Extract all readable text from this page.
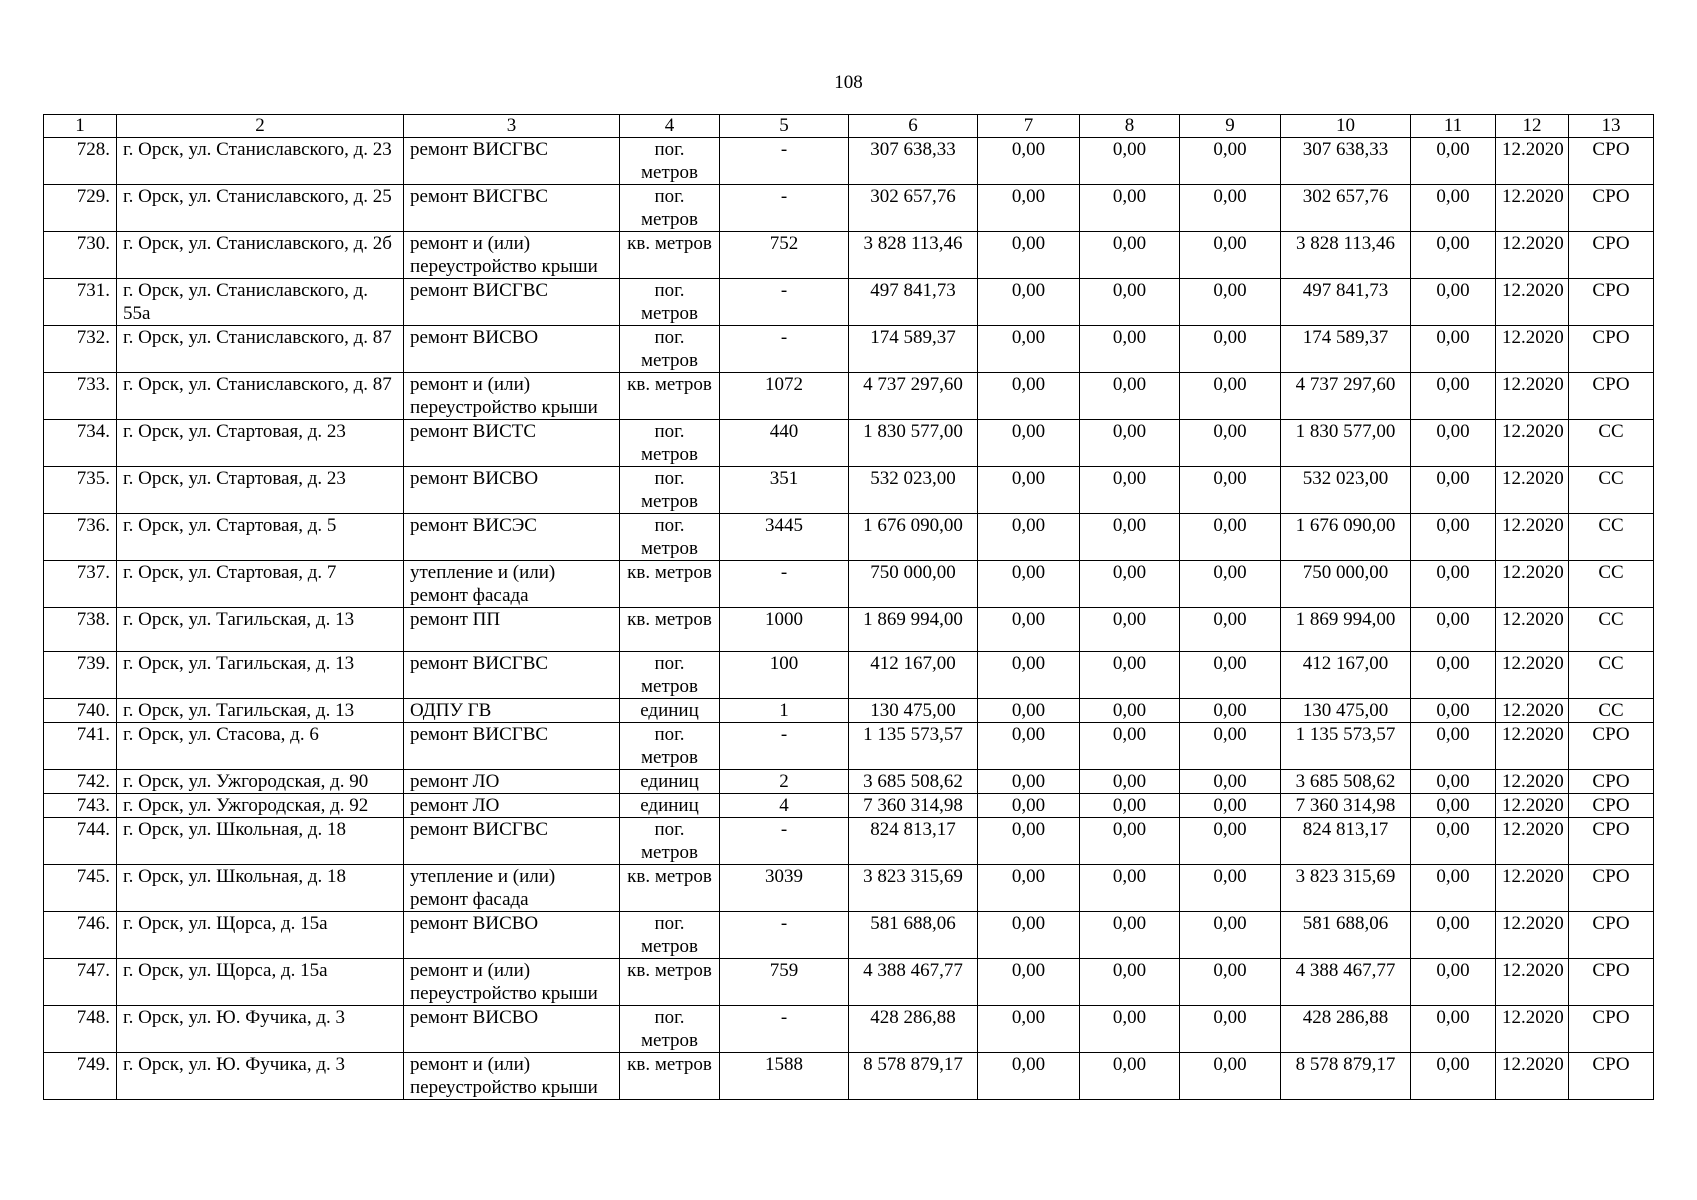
108
1	2	3	4	5	6	7	8	9	10	11	12	13
728.	г. Орск, ул. Станиславского, д. 23	ремонт ВИСГВС	пог. метров	-	307 638,33	0,00	0,00	0,00	307 638,33	0,00	12.2020	СРО
729.	г. Орск, ул. Станиславского, д. 25	ремонт ВИСГВС	пог. метров	-	302 657,76	0,00	0,00	0,00	302 657,76	0,00	12.2020	СРО
730.	г. Орск, ул. Станиславского, д. 2б	ремонт и (или) переустройство крыши	кв. метров	752	3 828 113,46	0,00	0,00	0,00	3 828 113,46	0,00	12.2020	СРО
731.	г. Орск, ул. Станиславского, д. 55а	ремонт ВИСГВС	пог. метров	-	497 841,73	0,00	0,00	0,00	497 841,73	0,00	12.2020	СРО
732.	г. Орск, ул. Станиславского, д. 87	ремонт ВИСВО	пог. метров	-	174 589,37	0,00	0,00	0,00	174 589,37	0,00	12.2020	СРО
733.	г. Орск, ул. Станиславского, д. 87	ремонт и (или) переустройство крыши	кв. метров	1072	4 737 297,60	0,00	0,00	0,00	4 737 297,60	0,00	12.2020	СРО
734.	г. Орск, ул. Стартовая, д. 23	ремонт ВИСТС	пог. метров	440	1 830 577,00	0,00	0,00	0,00	1 830 577,00	0,00	12.2020	СС
735.	г. Орск, ул. Стартовая, д. 23	ремонт ВИСВО	пог. метров	351	532 023,00	0,00	0,00	0,00	532 023,00	0,00	12.2020	СС
736.	г. Орск, ул. Стартовая, д. 5	ремонт ВИСЭС	пог. метров	3445	1 676 090,00	0,00	0,00	0,00	1 676 090,00	0,00	12.2020	СС
737.	г. Орск, ул. Стартовая, д. 7	утепление и (или) ремонт фасада	кв. метров	-	750 000,00	0,00	0,00	0,00	750 000,00	0,00	12.2020	СС
738.	г. Орск, ул. Тагильская, д. 13	ремонт ПП	кв. метров	1000	1 869 994,00	0,00	0,00	0,00	1 869 994,00	0,00	12.2020	СС
739.	г. Орск, ул. Тагильская, д. 13	ремонт ВИСГВС	пог. метров	100	412 167,00	0,00	0,00	0,00	412 167,00	0,00	12.2020	СС
740.	г. Орск, ул. Тагильская, д. 13	ОДПУ ГВ	единиц	1	130 475,00	0,00	0,00	0,00	130 475,00	0,00	12.2020	СС
741.	г. Орск, ул. Стасова, д. 6	ремонт ВИСГВС	пог. метров	-	1 135 573,57	0,00	0,00	0,00	1 135 573,57	0,00	12.2020	СРО
742.	г. Орск, ул. Ужгородская, д. 90	ремонт ЛО	единиц	2	3 685 508,62	0,00	0,00	0,00	3 685 508,62	0,00	12.2020	СРО
743.	г. Орск, ул. Ужгородская, д. 92	ремонт ЛО	единиц	4	7 360 314,98	0,00	0,00	0,00	7 360 314,98	0,00	12.2020	СРО
744.	г. Орск, ул. Школьная, д. 18	ремонт ВИСГВС	пог. метров	-	824 813,17	0,00	0,00	0,00	824 813,17	0,00	12.2020	СРО
745.	г. Орск, ул. Школьная, д. 18	утепление и (или) ремонт фасада	кв. метров	3039	3 823 315,69	0,00	0,00	0,00	3 823 315,69	0,00	12.2020	СРО
746.	г. Орск, ул. Щорса, д. 15а	ремонт ВИСВО	пог. метров	-	581 688,06	0,00	0,00	0,00	581 688,06	0,00	12.2020	СРО
747.	г. Орск, ул. Щорса, д. 15а	ремонт и (или) переустройство крыши	кв. метров	759	4 388 467,77	0,00	0,00	0,00	4 388 467,77	0,00	12.2020	СРО
748.	г. Орск, ул. Ю. Фучика, д. 3	ремонт ВИСВО	пог. метров	-	428 286,88	0,00	0,00	0,00	428 286,88	0,00	12.2020	СРО
749.	г. Орск, ул. Ю. Фучика, д. 3	ремонт и (или) переустройство крыши	кв. метров	1588	8 578 879,17	0,00	0,00	0,00	8 578 879,17	0,00	12.2020	СРО
